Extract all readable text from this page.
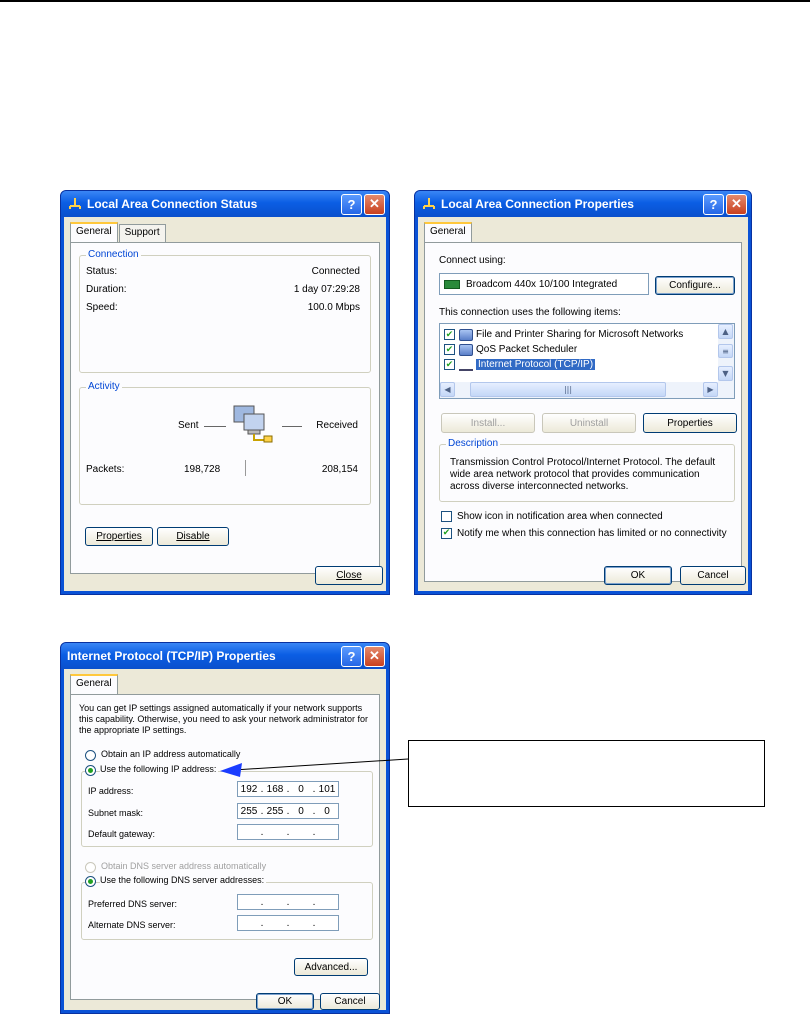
Local Area Connection Status	?	✕
General	Support
Connection
Status:	Connected
Duration:	1 day 07:29:28
Speed:	100.0 Mbps
Activity
Sent	Received
Packets:	198,728	208,154
Properties	Disable
Close
Local Area Connection Properties	?	✕
General
Connect using:
Broadcom 440x 10/100 Integrated	Configure...
This connection uses the following items:
✔ File and Printer Sharing for Microsoft Networks
✔ QoS Packet Scheduler
✔ Internet Protocol (TCP/IP)
▲
≡
▼
◀	|||	▶
Install...	Uninstall	Properties
Description
Transmission Control Protocol/Internet Protocol. The default wide area network protocol that provides communication across diverse interconnected networks.
Show icon in notification area when connected
✔ Notify me when this connection has limited or no connectivity
OK	Cancel
Internet Protocol (TCP/IP) Properties	?	✕
General
You can get IP settings assigned automatically if your network supports this capability. Otherwise, you need to ask your network administrator for the appropriate IP settings.
Obtain an IP address automatically
Use the following IP address:
IP address:	192 . 168 . 0 . 101
Subnet mask:	255 . 255 . 0 . 0
Default gateway:	. . .
Obtain DNS server address automatically
Use the following DNS server addresses:
Preferred DNS server:	. . .
Alternate DNS server:	. . .
Advanced...
OK	Cancel
